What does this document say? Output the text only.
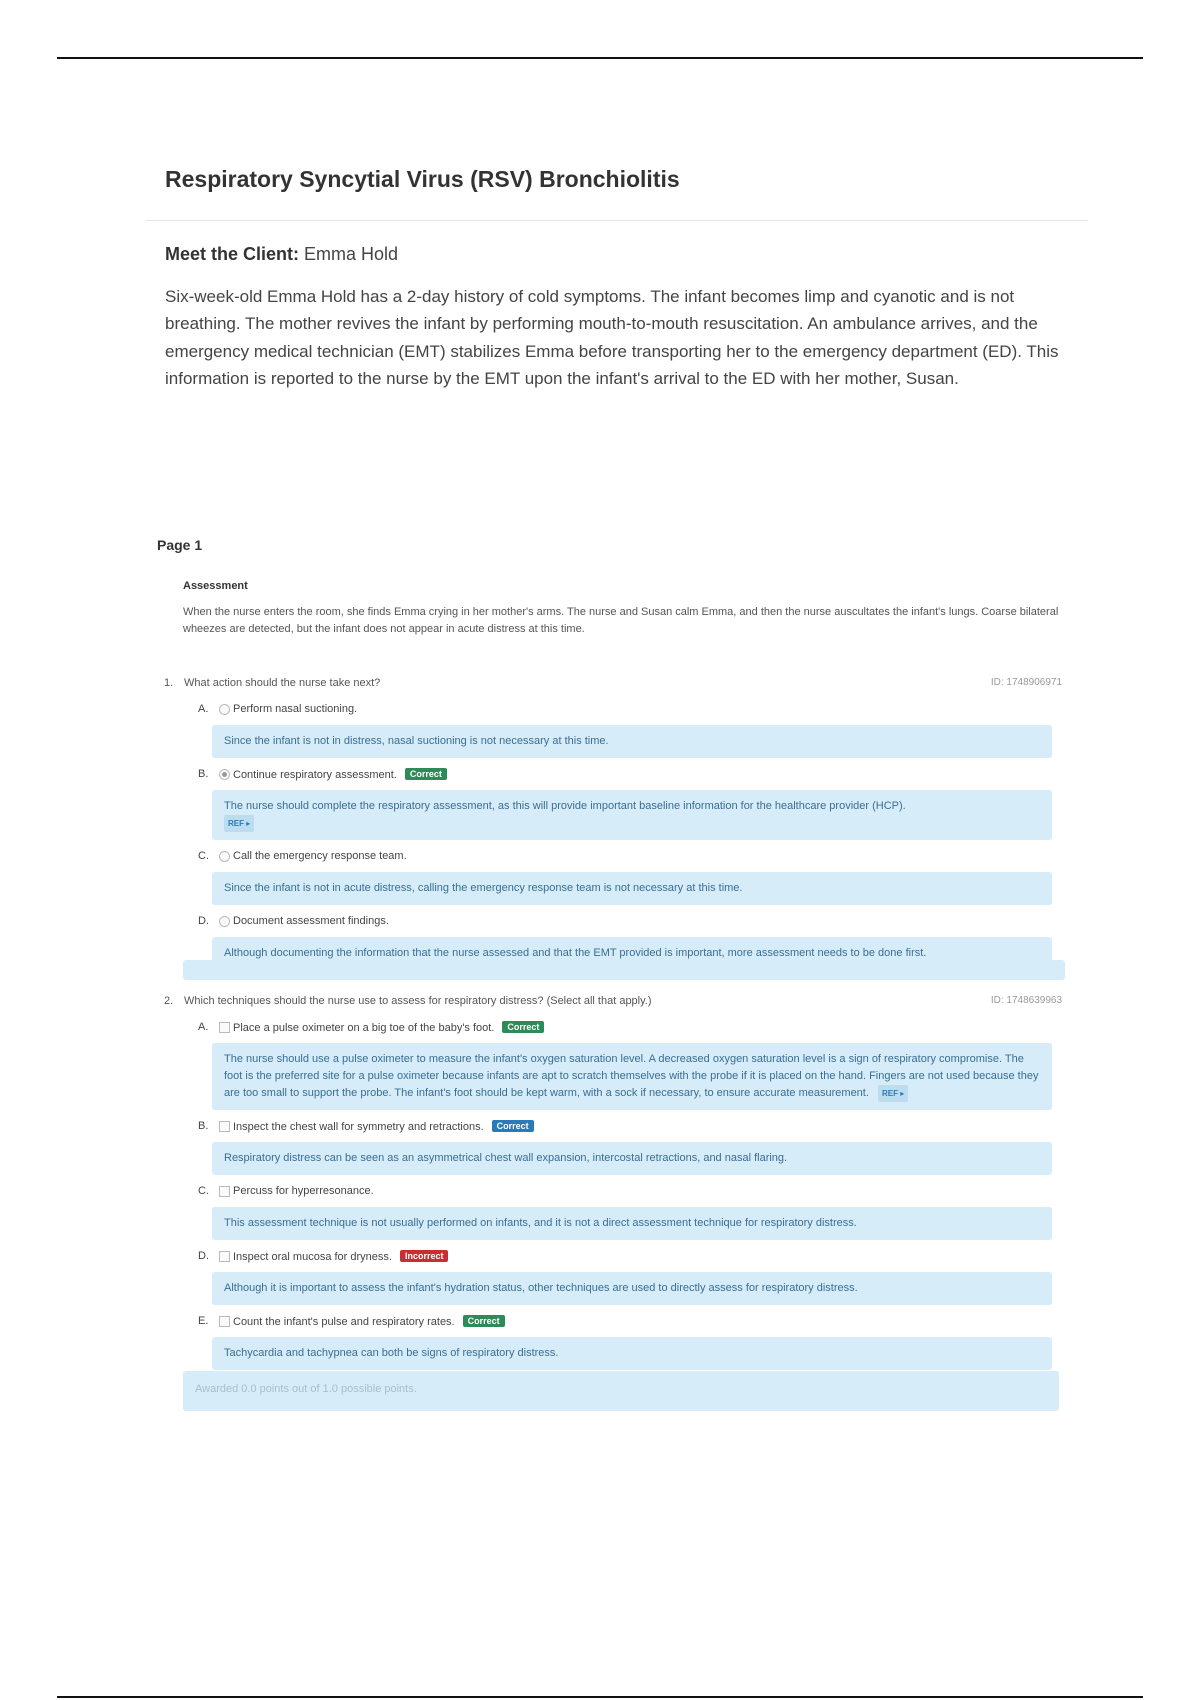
Respiratory Syncytial Virus (RSV) Bronchiolitis
Meet the Client: Emma Hold
Six-week-old Emma Hold has a 2-day history of cold symptoms. The infant becomes limp and cyanotic and is not breathing. The mother revives the infant by performing mouth-to-mouth resuscitation. An ambulance arrives, and the emergency medical technician (EMT) stabilizes Emma before transporting her to the emergency department (ED). This information is reported to the nurse by the EMT upon the infant's arrival to the ED with her mother, Susan.
Page 1
Assessment
When the nurse enters the room, she finds Emma crying in her mother's arms. The nurse and Susan calm Emma, and then the nurse auscultates the infant's lungs. Coarse bilateral wheezes are detected, but the infant does not appear in acute distress at this time.
1. What action should the nurse take next?	ID: 1748906971
A. Perform nasal suctioning.
Since the infant is not in distress, nasal suctioning is not necessary at this time.
B. Continue respiratory assessment. Correct
The nurse should complete the respiratory assessment, as this will provide important baseline information for the healthcare provider (HCP).
REF ▸
C. Call the emergency response team.
Since the infant is not in acute distress, calling the emergency response team is not necessary at this time.
D. Document assessment findings.
Although documenting the information that the nurse assessed and that the EMT provided is important, more assessment needs to be done first.
2. Which techniques should the nurse use to assess for respiratory distress? (Select all that apply.)	ID: 1748639963
A. Place a pulse oximeter on a big toe of the baby's foot. Correct
The nurse should use a pulse oximeter to measure the infant's oxygen saturation level. A decreased oxygen saturation level is a sign of respiratory compromise. The foot is the preferred site for a pulse oximeter because infants are apt to scratch themselves with the probe if it is placed on the hand. Fingers are not used because they are too small to support the probe. The infant's foot should be kept warm, with a sock if necessary, to ensure accurate measurement. REF ▸
B. Inspect the chest wall for symmetry and retractions. Correct
Respiratory distress can be seen as an asymmetrical chest wall expansion, intercostal retractions, and nasal flaring.
C. Percuss for hyperresonance.
This assessment technique is not usually performed on infants, and it is not a direct assessment technique for respiratory distress.
D. Inspect oral mucosa for dryness. Incorrect
Although it is important to assess the infant's hydration status, other techniques are used to directly assess for respiratory distress.
E. Count the infant's pulse and respiratory rates. Correct
Tachycardia and tachypnea can both be signs of respiratory distress.
Awarded 0.0 points out of 1.0 possible points.
